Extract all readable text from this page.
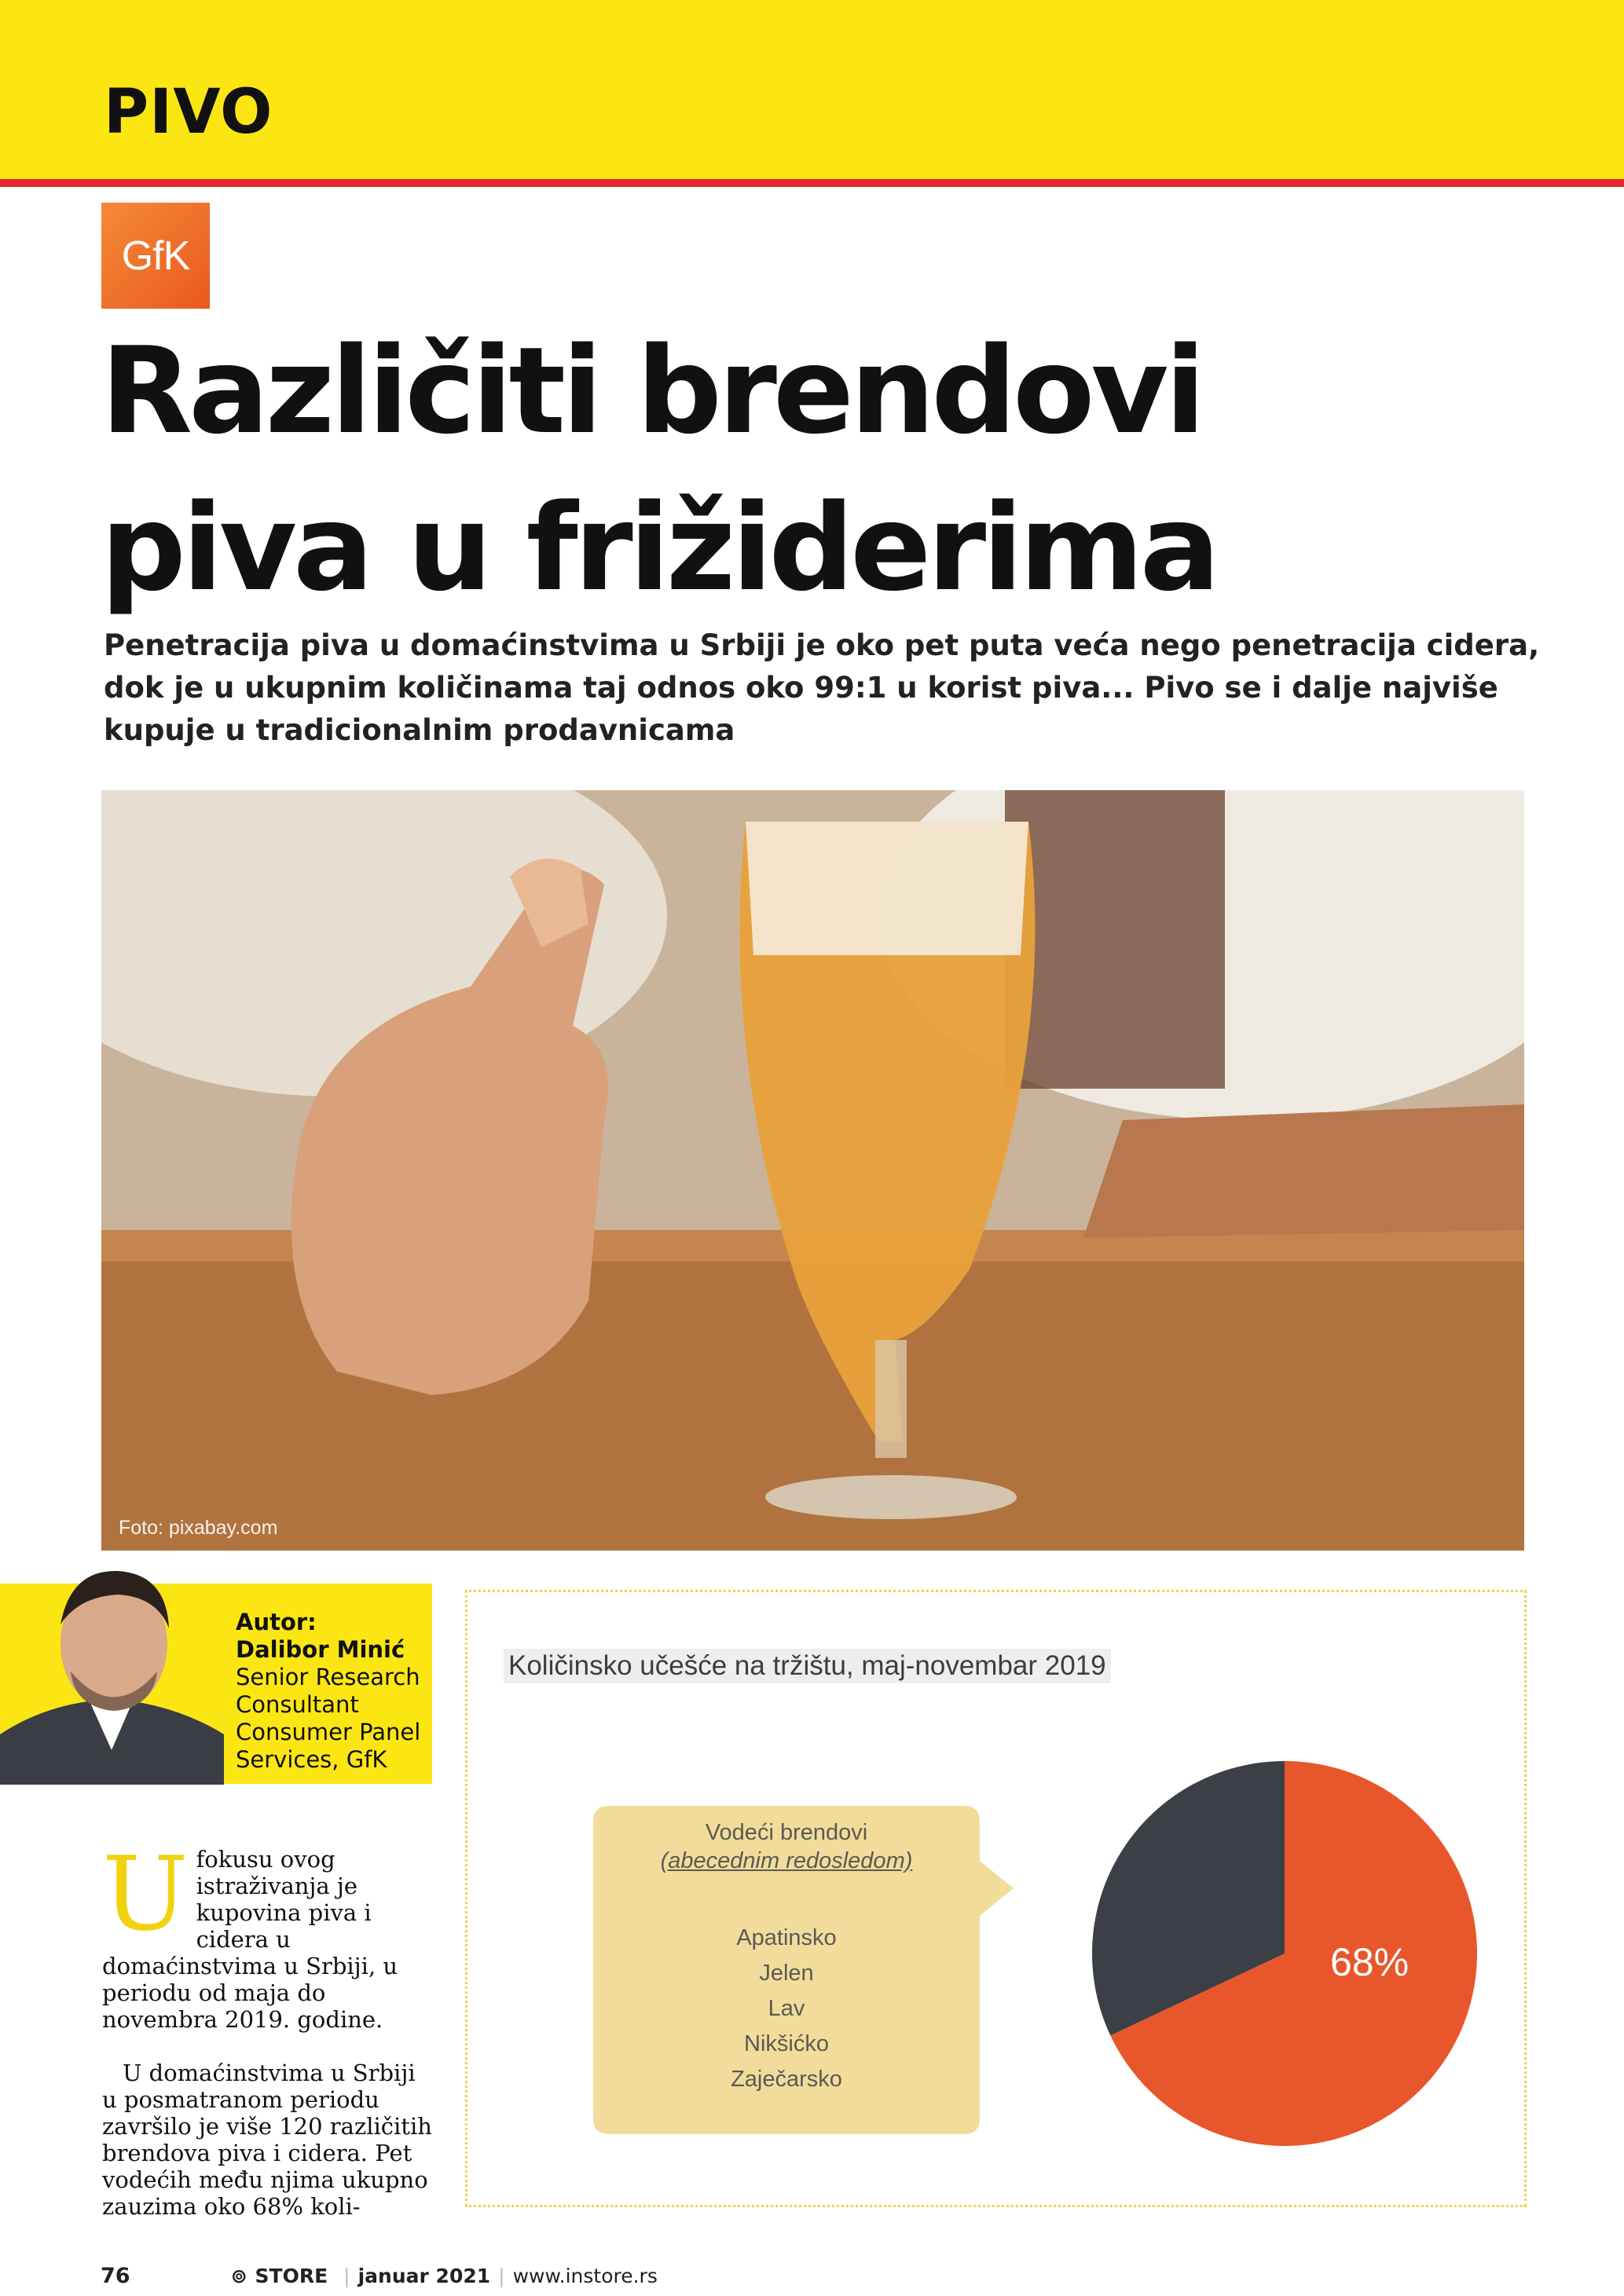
PIVO
GfK
Različiti brendovi
piva u frižiderima
Penetracija piva u domaćinstvima u Srbiji je oko pet puta veća nego penetracija cidera, dok je u ukupnim količinama taj odnos oko 99:1 u korist piva... Pivo se i dalje najviše kupuje u tradicionalnim prodavnicama
Foto: pixabay.com
Autor:
Dalibor Minić
Senior Research Consultant Consumer Panel Services, GfK

U fokusu ovog istraživanja je kupovina piva i cidera u domaćinstvima u Srbiji, u periodu od maja do novembra 2019. godine.

U domaćinstvima u Srbiji u posmatranom periodu završilo je više 120 različitih brendova piva i cidera. Pet vodećih među njima ukupno zauzima oko 68% koli-

Količinsko učešće na tržištu, maj-novembar 2019
Vodeći brendovi
(abecednim redosledom)
Apatinsko
Jelen
Lav
Nikšićko
Zaječarsko
68%
76	⊚ STORE | januar 2021 | www.instore.rs
